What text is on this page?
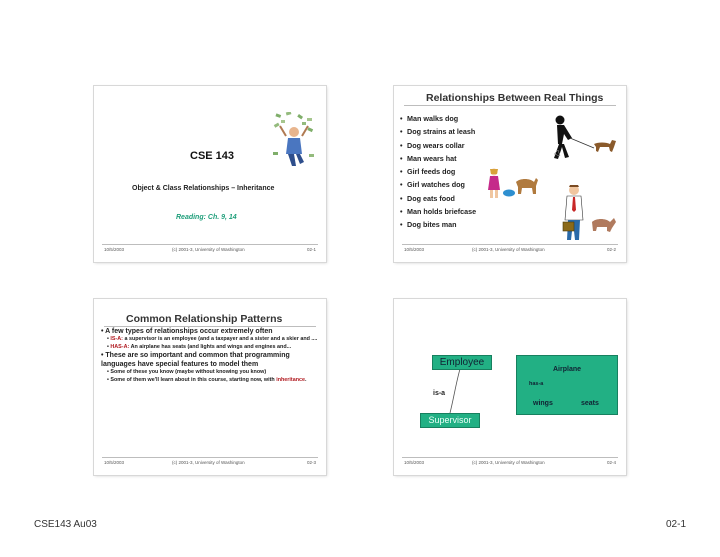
CSE 143
Object & Class Relationships – Inheritance
Reading: Ch. 9, 14
10/5/2003	(c) 2001-3, University of Washington	02-1
Relationships Between Real Things
• Man walks dog
• Dog strains at leash
• Dog wears collar
• Man wears hat
• Girl feeds dog
• Girl watches dog
• Dog eats food
• Man holds briefcase
• Dog bites man
10/5/2003	(c) 2001-3, University of Washington	02-2
Common Relationship Patterns
• A few types of relationships occur extremely often
• IS-A: a supervisor is an employee (and a taxpayer and a sister and a skier and ....
• HAS-A: An airplane has seats (and lights and wings and engines and...
• These are so important and common that programming languages have special features to model them
• Some of these you know (maybe without knowing you know)
• Some of them we'll learn about in this course, starting now, with inheritance.
10/5/2003	(c) 2001-3, University of Washington	02-3
Employee
is-a
Supervisor
Airplane
has-a
wings	seats
10/5/2003	(c) 2001-3, University of Washington	02-4
CSE143 Au03	02-1
